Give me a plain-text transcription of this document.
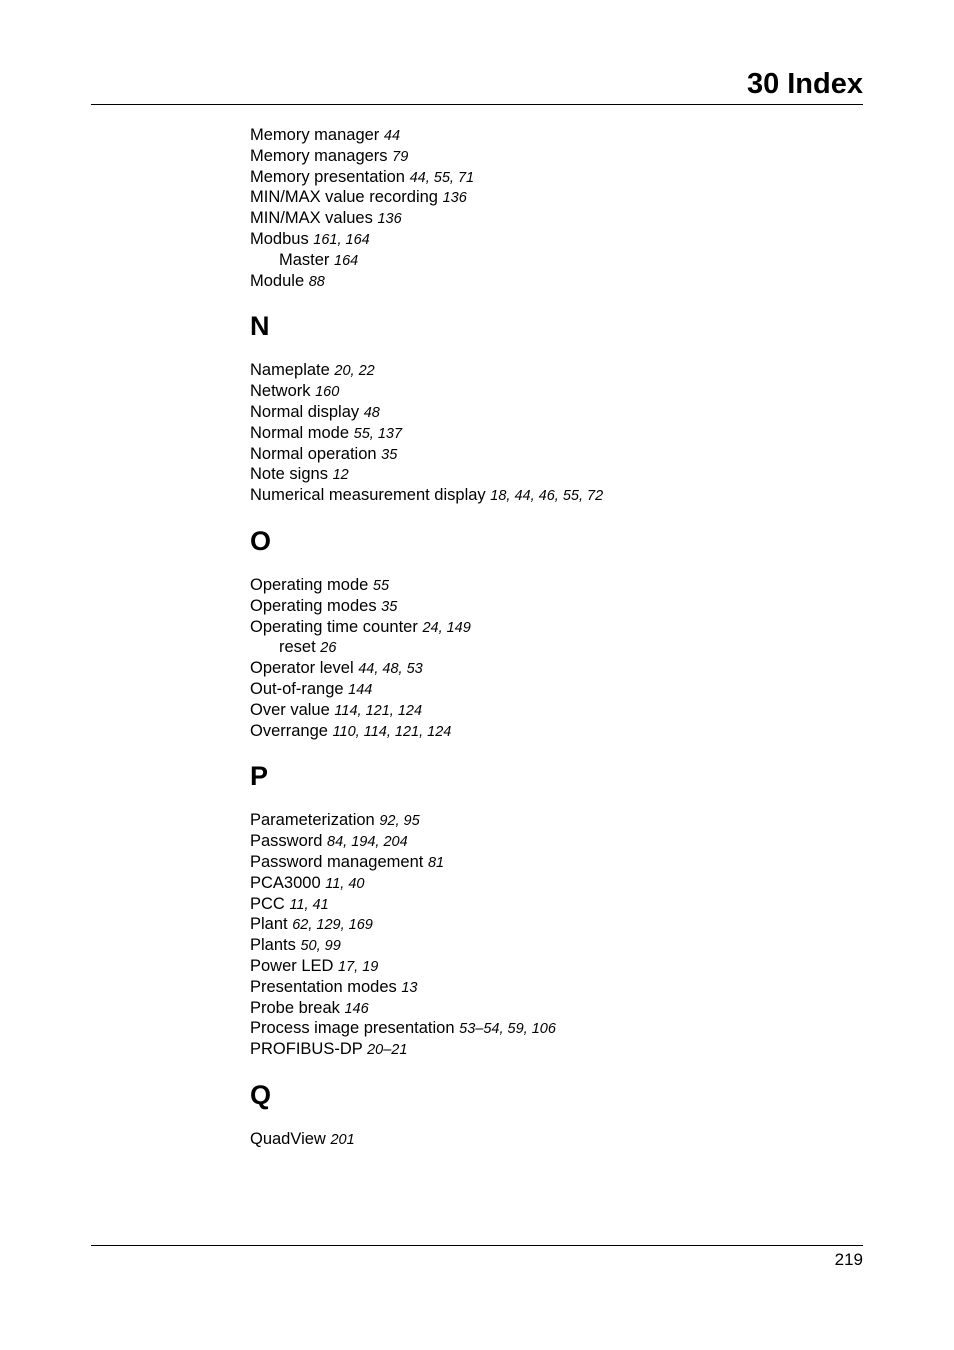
30 Index
Memory manager 44
Memory managers 79
Memory presentation 44, 55, 71
MIN/MAX value recording 136
MIN/MAX values 136
Modbus 161, 164
Master 164
Module 88
N
Nameplate 20, 22
Network 160
Normal display 48
Normal mode 55, 137
Normal operation 35
Note signs 12
Numerical measurement display 18, 44, 46, 55, 72
O
Operating mode 55
Operating modes 35
Operating time counter 24, 149
reset 26
Operator level 44, 48, 53
Out-of-range 144
Over value 114, 121, 124
Overrange 110, 114, 121, 124
P
Parameterization 92, 95
Password 84, 194, 204
Password management 81
PCA3000 11, 40
PCC 11, 41
Plant 62, 129, 169
Plants 50, 99
Power LED 17, 19
Presentation modes 13
Probe break 146
Process image presentation 53–54, 59, 106
PROFIBUS-DP 20–21
Q
QuadView 201
219
